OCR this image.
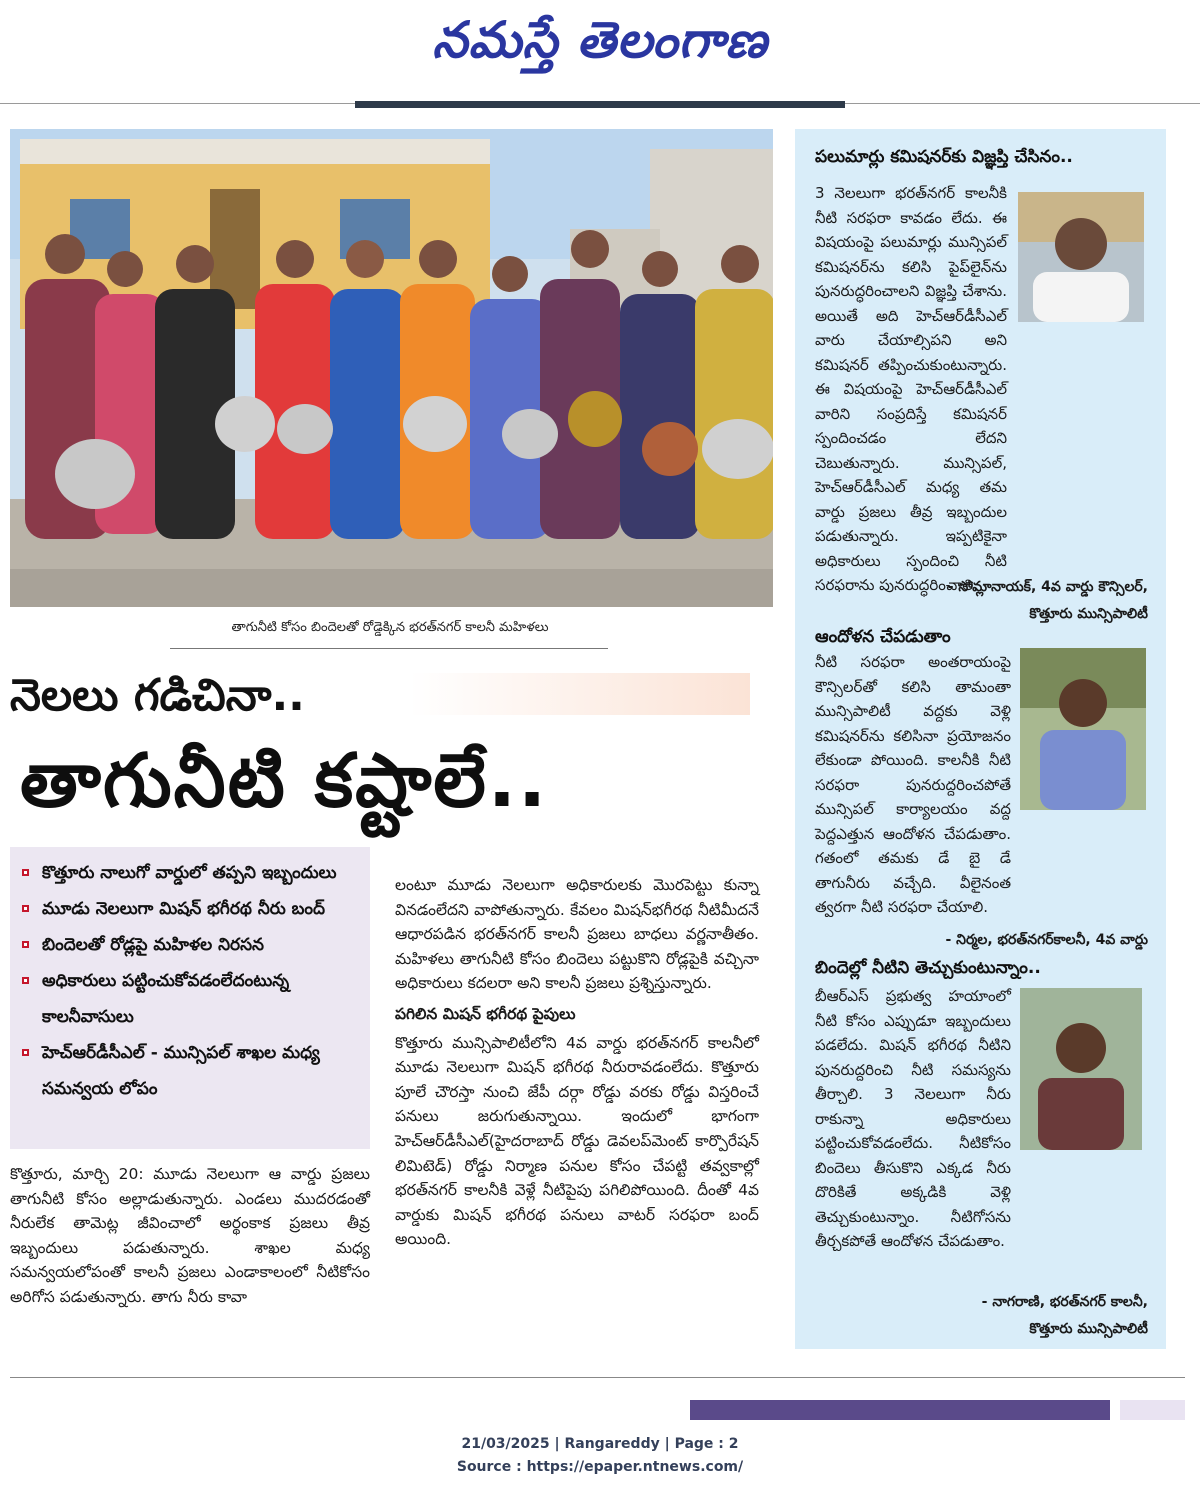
నమస్తే తెలంగాణ
తాగునీటి కోసం బిందెలతో రోడ్డెక్కిన భరత్‌నగర్ కాలనీ మహిళలు
నెలలు గడిచినా..
తాగునీటి కష్టాలే..
కొత్తూరు నాలుగో వార్డులో తప్పని ఇబ్బందులు
మూడు నెలలుగా మిషన్ భగీరథ నీరు బంద్
బిందెలతో రోడ్లపై మహిళల నిరసన
అధికారులు పట్టించుకోవడంలేదంటున్న కాలనీవాసులు
హెచ్‌ఆర్‌డీసీఎల్ - మున్సిపల్ శాఖల మధ్య సమన్వయ లోపం
కొత్తూరు, మార్చి 20: మూడు నెలలుగా ఆ వార్డు ప్రజలు తాగునీటి కోసం అల్లాడుతున్నారు. ఎండలు ముదరడంతో నీరులేక తామెట్ల జీవించాలో అర్థంకాక ప్రజలు తీవ్ర ఇబ్బందులు పడుతున్నారు. శాఖల మధ్య సమన్వయలోపంతో కాలనీ ప్రజలు ఎండాకాలంలో నీటికోసం అరిగోస పడుతున్నారు. తాగు నీరు కావా
లంటూ మూడు నెలలుగా అధికారులకు మొరపెట్టు కున్నా వినడంలేదని వాపోతున్నారు. కేవలం మిషన్‌భగీరథ నీటిమీదనే ఆధారపడిన భరత్‌నగర్ కాలనీ ప్రజలు బాధలు వర్ణనాతీతం. మహిళలు తాగునీటి కోసం బిందెలు పట్టుకొని రోడ్లపైకి వచ్చినా అధికారులు కదలరా అని కాలనీ ప్రజలు ప్రశ్నిస్తున్నారు.
పగిలిన మిషన్ భగీరథ పైపులు
కొత్తూరు మున్సిపాలిటీలోని 4వ వార్డు భరత్‌నగర్ కాలనీలో మూడు నెలలుగా మిషన్ భగీరథ నీరురావడంలేదు. కొత్తూరు పూలే చౌరస్తా నుంచి జేపీ దర్గా రోడ్డు వరకు రోడ్డు విస్తరించే పనులు జరుగుతున్నాయి. ఇందులో భాగంగా హెచ్‌ఆర్‌డీసీఎల్(హైదరాబాద్ రోడ్డు డెవలప్‌మెంట్ కార్పొరేషన్ లిమిటెడ్) రోడ్డు నిర్మాణ పనుల కోసం చేపట్టి తవ్వకాల్లో భరత్‌నగర్ కాలనీకి వెళ్లే నీటిపైపు పగిలిపోయింది. దీంతో 4వ వార్డుకు మిషన్ భగీరథ పనులు వాటర్ సరఫరా బంద్ అయింది.
పలుమార్లు కమిషనర్‌కు విజ్ఞప్తి చేసినం..
3 నెలలుగా భరత్‌నగర్ కాలనీకి నీటి సరఫరా కావడం లేదు. ఈ విషయంపై పలుమార్లు మున్సిపల్ కమిషనర్‌ను కలిసి పైప్‌లైన్‌ను పునరుద్ధరించాలని విజ్ఞప్తి చేశాను. అయితే అది హెచ్‌ఆర్‌డీసీఎల్ వారు చేయాల్సిపని అని కమిషనర్ తప్పించుకుంటున్నారు. ఈ విషయంపై హెచ్‌ఆర్‌డీసీఎల్ వారిని సంప్రదిస్తే కమిషనర్ స్పందించడం లేదని చెబుతున్నారు. మున్సిపల్, హెచ్‌ఆర్‌డీసీఎల్ మధ్య తమ వార్డు ప్రజలు తీవ్ర ఇబ్బందుల పడుతున్నారు. ఇప్పటికైనా అధికారులు స్పందించి నీటి సరఫరాను పునరుద్ధరించాలి.
- సోమ్లానాయక్, 4వ వార్డు కౌన్సిలర్,
కొత్తూరు మున్సిపాలిటీ
ఆందోళన చేపడుతాం
నీటి సరఫరా అంతరాయంపై కౌన్సిలర్‌తో కలిసి తామంతా మున్సిపాలిటీ వద్దకు వెళ్లి కమిషనర్‌ను కలిసినా ప్రయోజనం లేకుండా పోయింది. కాలనీకి నీటి సరఫరా పునరుద్దరించపోతే మున్సిపల్ కార్యాలయం వద్ద పెద్దఎత్తున ఆందోళన చేపడుతాం. గతంలో తమకు డే బై డే తాగునీరు వచ్చేది. వీలైనంత త్వరగా నీటి సరఫరా చేయాలి.
- నిర్మల, భరత్‌నగర్‌కాలనీ, 4వ వార్డు
బిందెల్లో నీటిని తెచ్చుకుంటున్నాం..
బీఆర్‌ఎస్ ప్రభుత్వ హయాంలో నీటి కోసం ఎప్పుడూ ఇబ్బందులు పడలేదు. మిషన్ భగీరథ నీటిని పునరుద్దరించి నీటి సమస్యను తీర్చాలి. 3 నెలలుగా నీరు రాకున్నా అధికారులు పట్టించుకోవడంలేదు. నీటికోసం బిందెలు తీసుకొని ఎక్కడ నీరు దొరికితే అక్కడికి వెళ్లి తెచ్చుకుంటున్నాం. నీటిగోసను తీర్చకపోతే ఆందోళన చేపడుతాం.
- నాగరాణి, భరత్‌నగర్ కాలనీ,
కొత్తూరు మున్సిపాలిటీ
21/03/2025 | Rangareddy | Page : 2
Source : https://epaper.ntnews.com/
